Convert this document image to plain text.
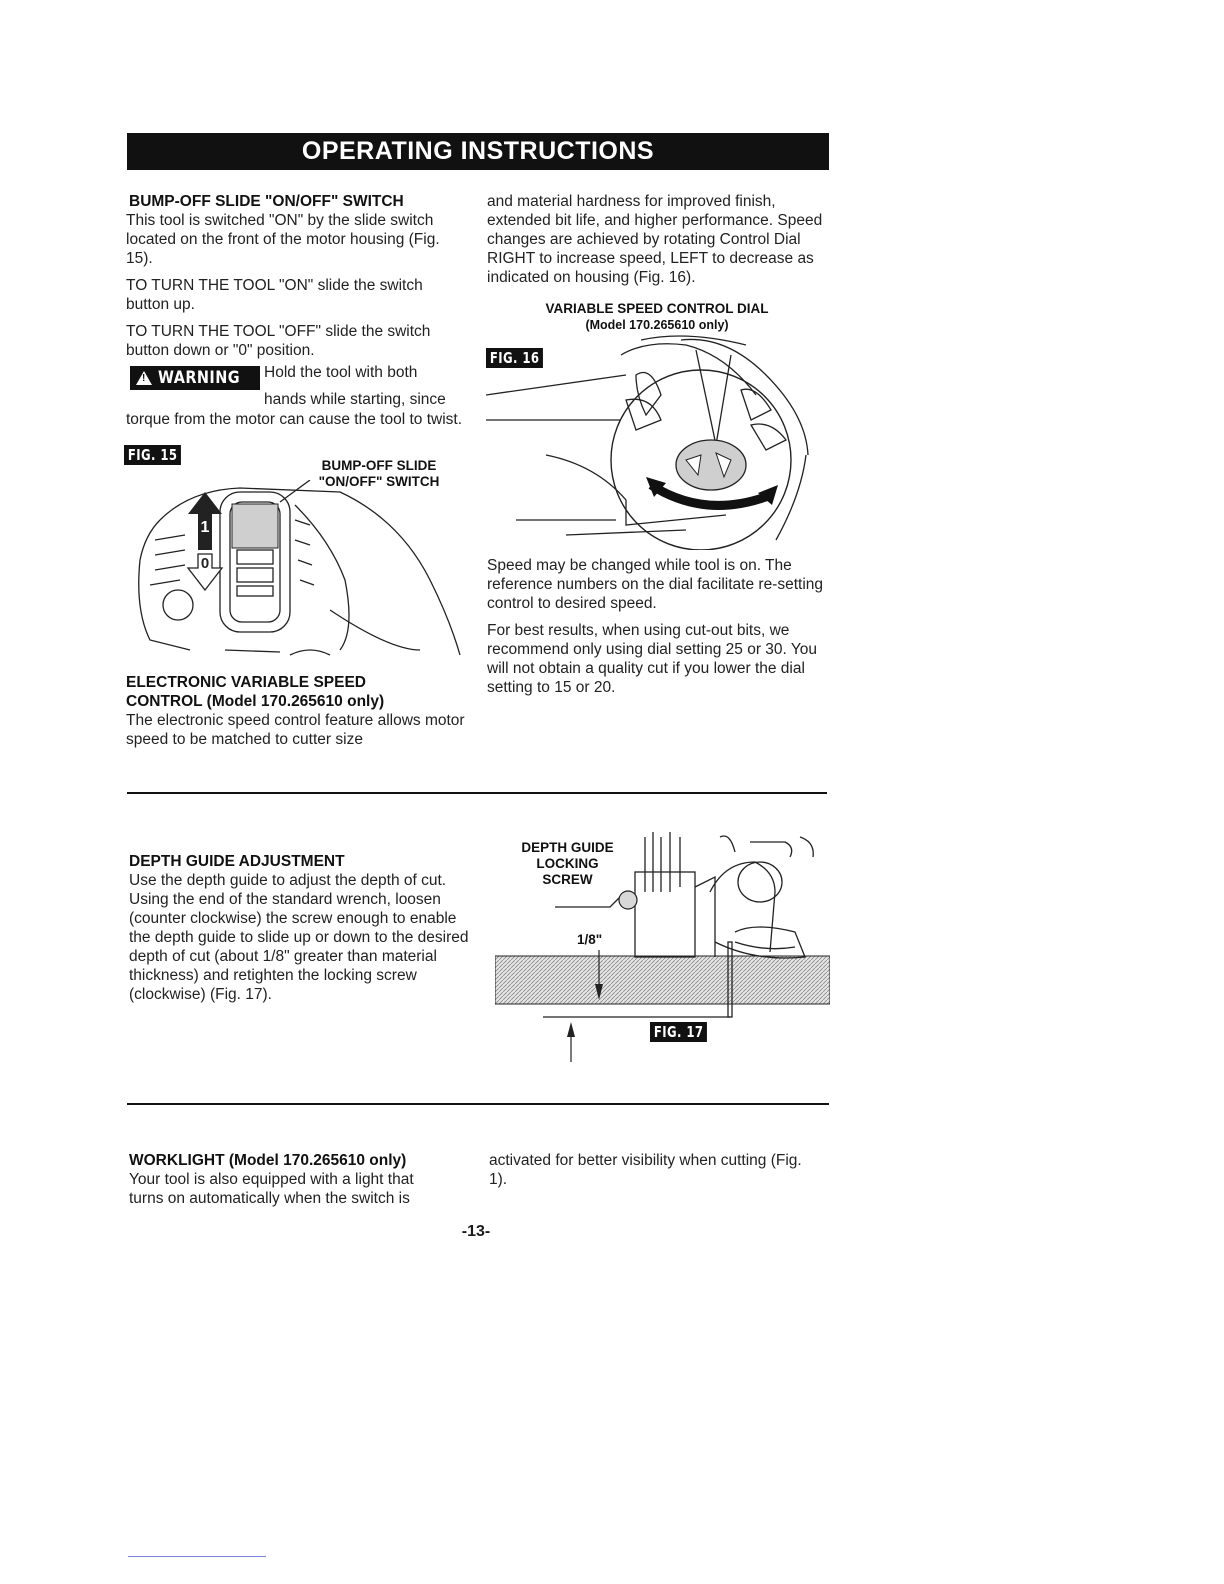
OPERATING INSTRUCTIONS
BUMP-OFF SLIDE "ON/OFF" SWITCH

This tool is switched "ON" by the slide switch located on the front of the motor housing (Fig. 15).

TO TURN THE TOOL "ON" slide the switch button up.

TO TURN THE TOOL "OFF" slide the switch button down or "0" position.

!
WARNING Hold the tool with both
hands while starting, since
torque from the motor can cause the tool to twist.
FIG. 15
BUMP-OFF SLIDE
"ON/OFF" SWITCH
1
0
ELECTRONIC VARIABLE SPEED
CONTROL (Model 170.265610 only)

The electronic speed control feature allows motor speed to be matched to cutter size

and material hardness for improved finish, extended bit life, and higher performance. Speed changes are achieved by rotating Control Dial RIGHT to increase speed, LEFT to decrease as indicated on housing (Fig. 16).

VARIABLE SPEED CONTROL DIAL
(Model 170.265610 only)
FIG. 16

Speed may be changed while tool is on. The reference numbers on the dial facilitate re-setting control to desired speed.

For best results, when using cut-out bits, we recommend only using dial setting 25 or 30. You will not obtain a quality cut if you lower the dial setting to 15 or 20.

DEPTH GUIDE ADJUSTMENT

Use the depth guide to adjust the depth of cut. Using the end of the standard wrench, loosen (counter clockwise) the screw enough to enable the depth guide to slide up or down to the desired depth of cut (about 1/8" greater than material thickness) and retighten the locking screw (clockwise) (Fig. 17).

DEPTH GUIDE
LOCKING
SCREW
1/8"
FIG. 17
WORKLIGHT (Model 170.265610 only)

Your tool is also equipped with a light that turns on automatically when the switch is

activated for better visibility when cutting (Fig. 1).

-13-
